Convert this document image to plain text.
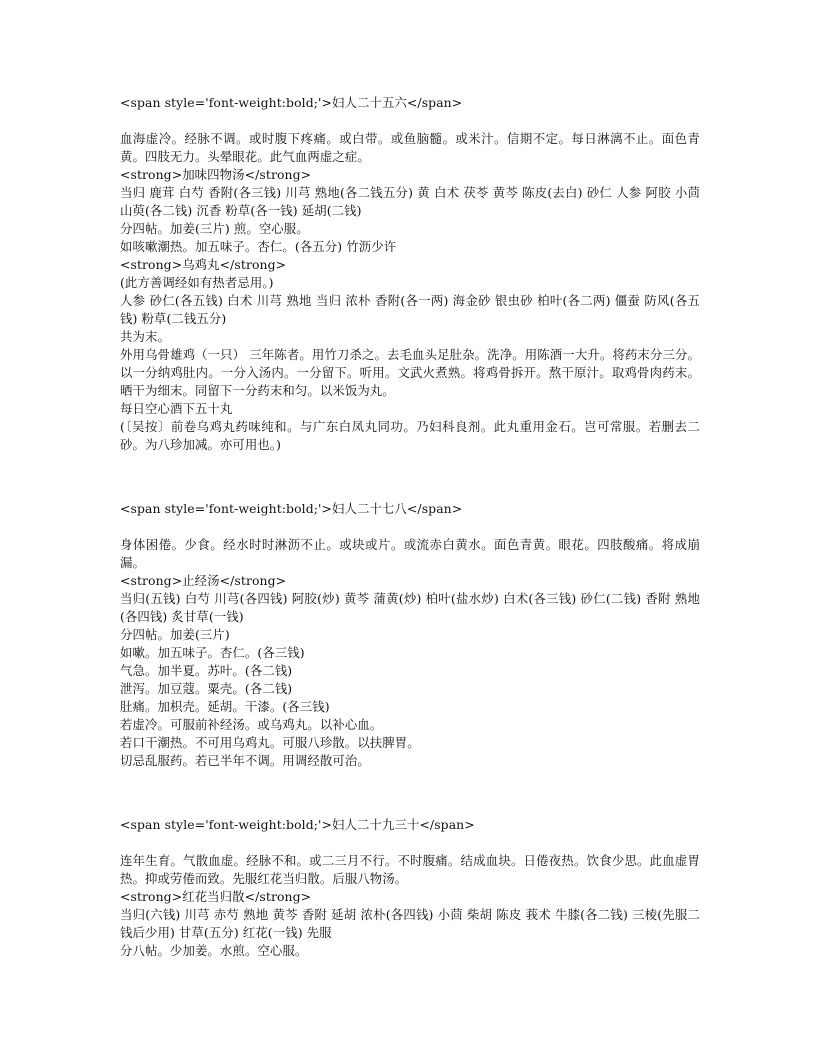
<span style='font-weight:bold;'>妇人二十五六</span>

血海虚冷。经脉不调。或时腹下疼痛。或白带。或鱼脑髓。或米汁。信期不定。每日淋漓不止。面色青黄。四肢无力。头晕眼花。此气血两虚之症。

<strong>加味四物汤</strong>

当归 鹿茸 白芍 香附(各三钱) 川芎 熟地(各二钱五分) 黄 白术 茯苓 黄芩 陈皮(去白) 砂仁 人参 阿胶 小茴 山萸(各二钱) 沉香 粉草(各一钱) 延胡(二钱)

分四帖。加姜(三片) 煎。空心服。

如咳嗽潮热。加五味子。杏仁。(各五分) 竹沥少许

<strong>乌鸡丸</strong>

(此方善调经如有热者忌用。)

人参 砂仁(各五钱) 白术 川芎 熟地 当归 浓朴 香附(各一两) 海金砂 银虫砂 柏叶(各二两) 僵蚕 防风(各五钱) 粉草(二钱五分)

共为末。

外用乌骨雄鸡（一只） 三年陈者。用竹刀杀之。去毛血头足肚杂。洗净。用陈酒一大升。将药末分三分。以一分纳鸡肚内。一分入汤内。一分留下。听用。文武火煮熟。将鸡骨拆开。熬干原汁。取鸡骨肉药末。晒干为细末。同留下一分药末和匀。以米饭为丸。

每日空心酒下五十丸

(〔吴按〕前卷乌鸡丸药味纯和。与广东白凤丸同功。乃妇科良剂。此丸重用金石。岂可常服。若删去二砂。为八珍加减。亦可用也。)

<span style='font-weight:bold;'>妇人二十七八</span>

身体困倦。少食。经水时时淋沥不止。或块或片。或流赤白黄水。面色青黄。眼花。四肢酸痛。将成崩漏。

<strong>止经汤</strong>

当归(五钱) 白芍 川芎(各四钱) 阿胶(炒) 黄芩 蒲黄(炒) 柏叶(盐水炒) 白术(各三钱) 砂仁(二钱) 香附 熟地(各四钱) 炙甘草(一钱)

分四帖。加姜(三片)

如嗽。加五味子。杏仁。(各三钱)

气急。加半夏。苏叶。(各二钱)

泄泻。加豆蔻。粟壳。(各二钱)

肚痛。加枳壳。延胡。干漆。(各三钱)

若虚冷。可服前补经汤。或乌鸡丸。以补心血。

若口干潮热。不可用乌鸡丸。可服八珍散。以扶脾胃。

切忌乱服药。若已半年不调。用调经散可治。

<span style='font-weight:bold;'>妇人二十九三十</span>

连年生育。气散血虚。经脉不和。或二三月不行。不时腹痛。结成血块。日倦夜热。饮食少思。此血虚胃热。抑或劳倦而致。先服红花当归散。后服八物汤。

<strong>红花当归散</strong>

当归(六钱) 川芎 赤芍 熟地 黄芩 香附 延胡 浓朴(各四钱) 小茴 柴胡 陈皮 莪术 牛膝(各二钱) 三棱(先服二钱后少用) 甘草(五分) 红花(一钱) 先服

分八帖。少加姜。水煎。空心服。
